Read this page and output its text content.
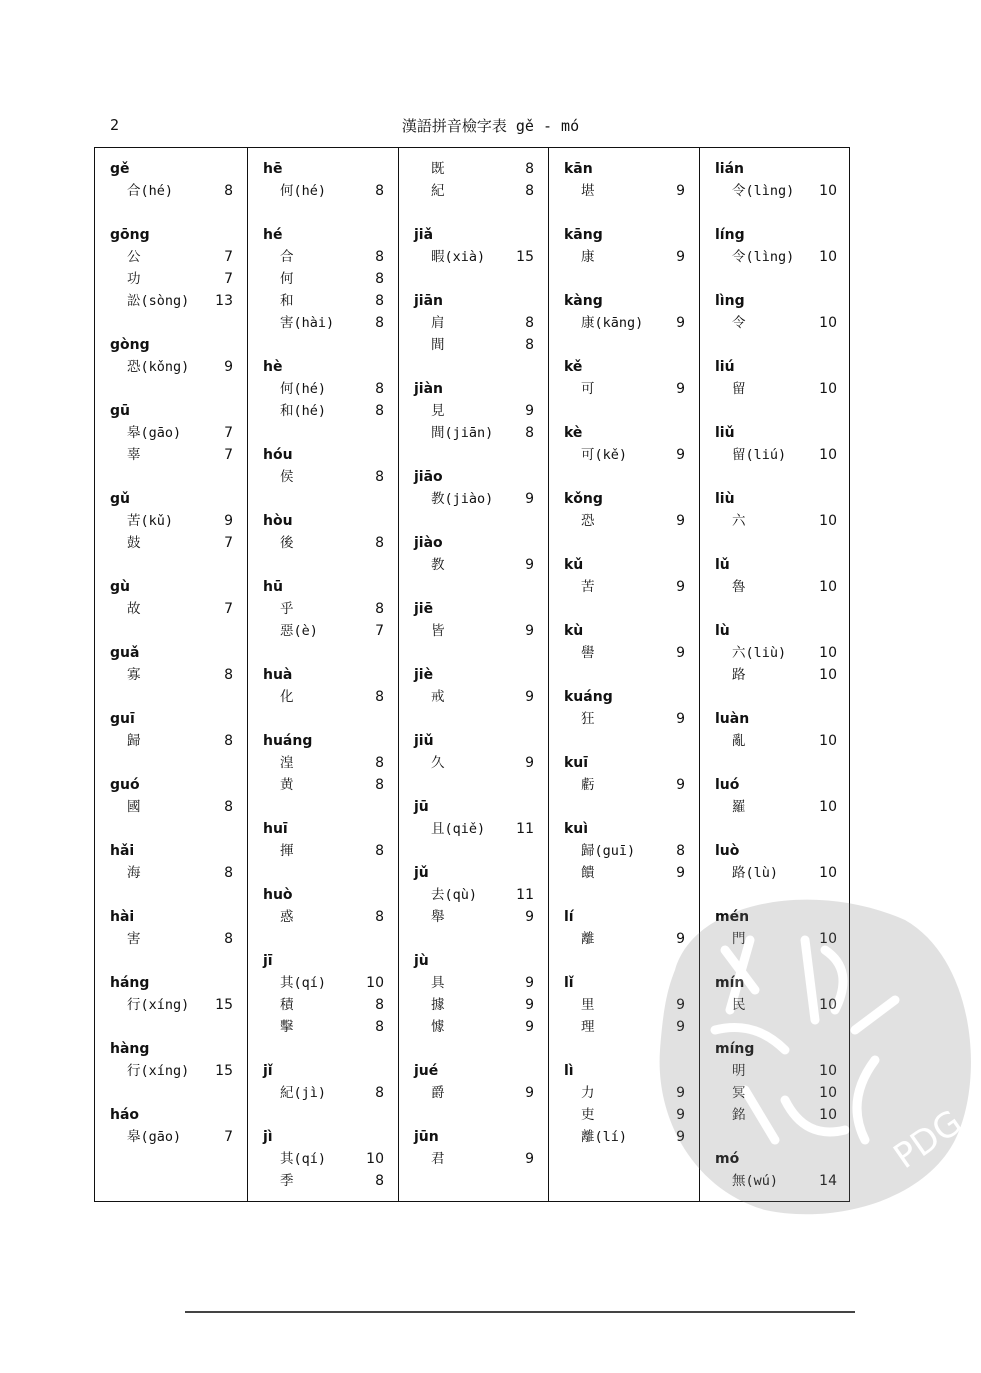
2	漢語拼音檢字表 gě - mó
gě
合(hé)	8
gōng
公	7
功	7
訟(sòng) 13
gòng
恐(kǒng) 9
gū
皋(gāo)	7
辜	7
gǔ
苦(kǔ)	9
鼓	7
gù
故	7
guǎ
寡	8
guī
歸	8
guó
國	8
hǎi
海	8
hài
害	8
háng
行(xíng) 15
hàng
行(xíng) 15
háo
皋(gāo)	7
hē
何(hé)	8
hé
合	8
何	8
和	8
害(hài)	8
hè
何(hé)	8
和(hé)	8
hóu
侯	8
hòu
後	8
hū
乎	8
惡(è)	7
huà
化	8
huáng
湟	8
黄	8
huī
揮	8
huò
惑	8
jī
其(qí)	10
積	8
擊	8
jǐ
紀(jì)	8
jì
其(qí)	10
季	8
既	8
紀	8
jiǎ
暇(xià) 15
jiān
肩	8
間	8
jiàn
見	9
間(jiān) 8
jiāo
教(jiào) 9
jiào
教	9
jiē
皆	9
jiè
戒	9
jiǔ
久	9
jū
且(qiě) 11
jǔ
去(qù)	11
舉	9
jù
具	9
據	9
懅	9
jué
爵	9
jūn
君	9
kān
堪	9
kāng
康	9
kàng
康(kāng) 9
kě
可	9
kè
可(kě)	9
kǒng
恐	9
kǔ
苦	9
kù
嚳	9
kuáng
狂	9
kuī
虧	9
kuì
歸(guī)	8
饋	9
lí
離	9
lǐ
里	9
理	9
lì
力	9
吏	9
離(lí)	9
lián
令(lìng) 10
líng
令(lìng) 10
lìng
令	10
liú
留	10
liǔ
留(liú) 10
liù
六	10
lǔ
魯	10
lù
六(liù) 10
路	10
luàn
亂	10
luó
羅	10
luò
路(lù)	10
mén
門	10
mín
民	10
míng
明	10
冥	10
銘	10
mó
無(wú)	14
PDG
